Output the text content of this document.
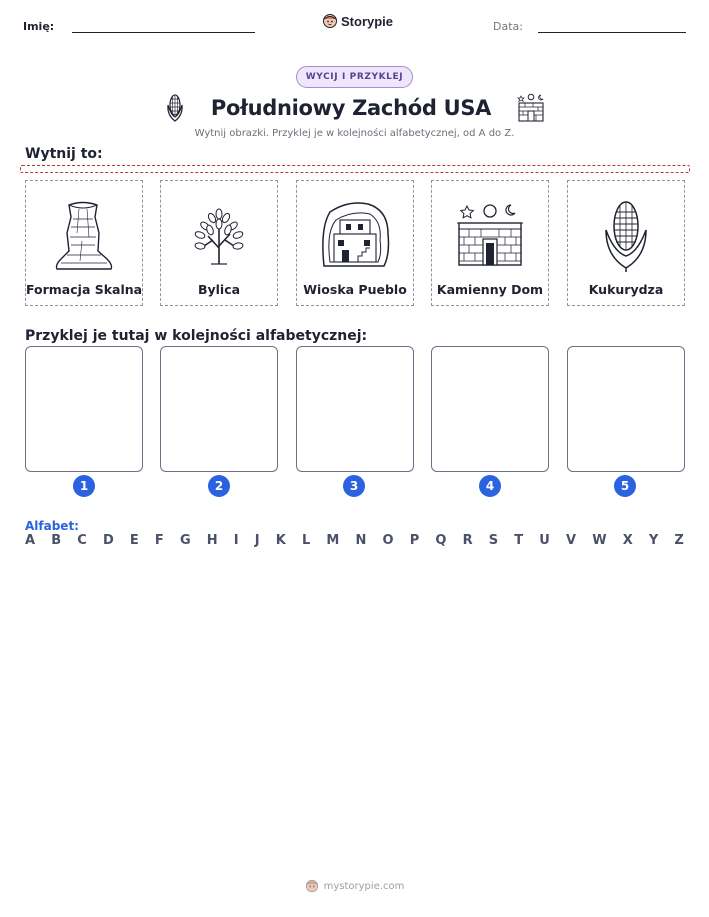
Imię:	Storypie	Data:
WYCIJ I PRZYKLEJ
Południowy Zachód USA
Wytnij obrazki. Przyklej je w kolejności alfabetycznej, od A do Z.
Wytnij to:
Formacja Skalna	Bylica	Wioska Pueblo	Kamienny Dom	Kukurydza
Przyklej je tutaj w kolejności alfabetycznej:
1	2	3	4	5
Alfabet:
A B C D E F G H I J K L M N O P Q R S T U V W X Y Z
mystorypie.com
